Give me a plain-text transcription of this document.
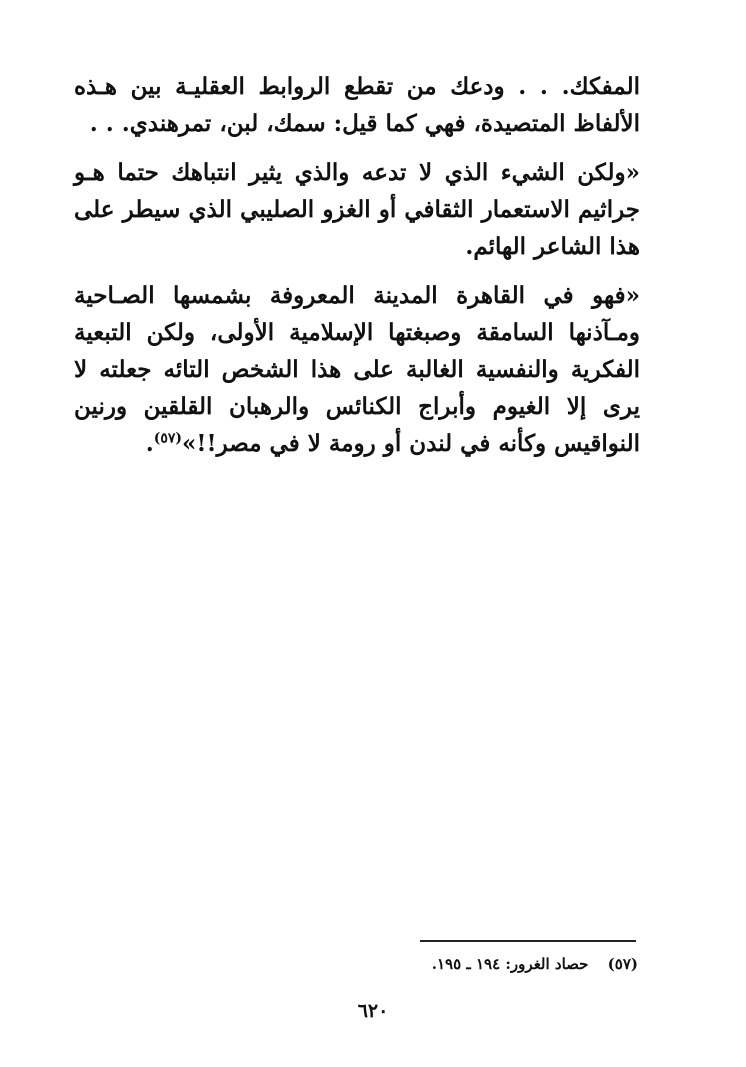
المفكك. . . ودعك من تقطع الروابط العقليـة بين هـذه الألفاظ المتصيدة، فهي كما قيل: سمك، لبن، تمرهندي. . .

«ولكن الشيء الذي لا تدعه والذي يثير انتباهك حتما هـو جراثيم الاستعمار الثقافي أو الغزو الصليبي الذي سيطر على هذا الشاعر الهائم.

«فهو في القاهرة المدينة المعروفة بشمسها الصـاحية ومـآذنها السامقة وصبغتها الإسلامية الأولى، ولكن التبعية الفكرية والنفسية الغالبة على هذا الشخص التائه جعلته لا يرى إلا الغيوم وأبراج الكنائس والرهبان القلقين ورنين النواقيس وكأنه في لندن أو رومة لا في مصر!!»$^{(٥٧)}$.

(٥٧) حصاد الغرور: ١٩٤ ـ ١٩٥.
٦٢٠
